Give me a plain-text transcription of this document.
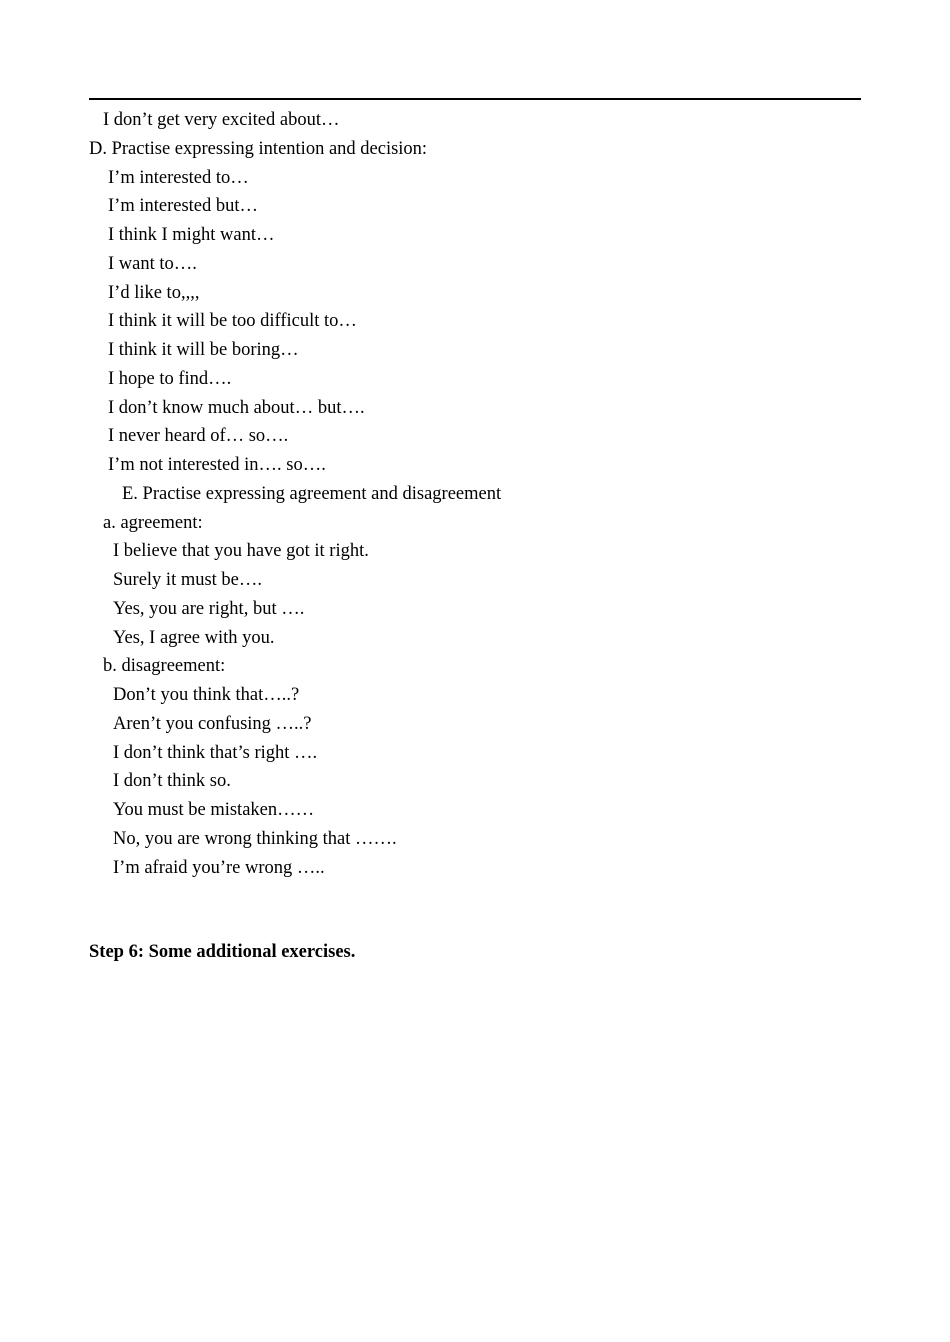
I don’t get very excited about…
D. Practise expressing intention and decision:
I’m interested to…
I’m interested but…
I think I might want…
I want to….
I’d like to,,,,
I think it will be too difficult to…
I think it will be boring…
I hope to find….
I don’t know much about… but….
I never heard of… so….
I’m not interested in…. so….
E. Practise expressing agreement and disagreement
a. agreement:
I believe that you have got it right.
Surely it must be….
Yes, you are right, but ….
Yes, I agree with you.
b. disagreement:
Don’t you think that…..?
Aren’t you confusing …..?
I don’t think that’s right ….
I don’t think so.
You must be mistaken……
No, you are wrong thinking that …….
I’m afraid you’re wrong …..
Step 6: Some additional exercises.
